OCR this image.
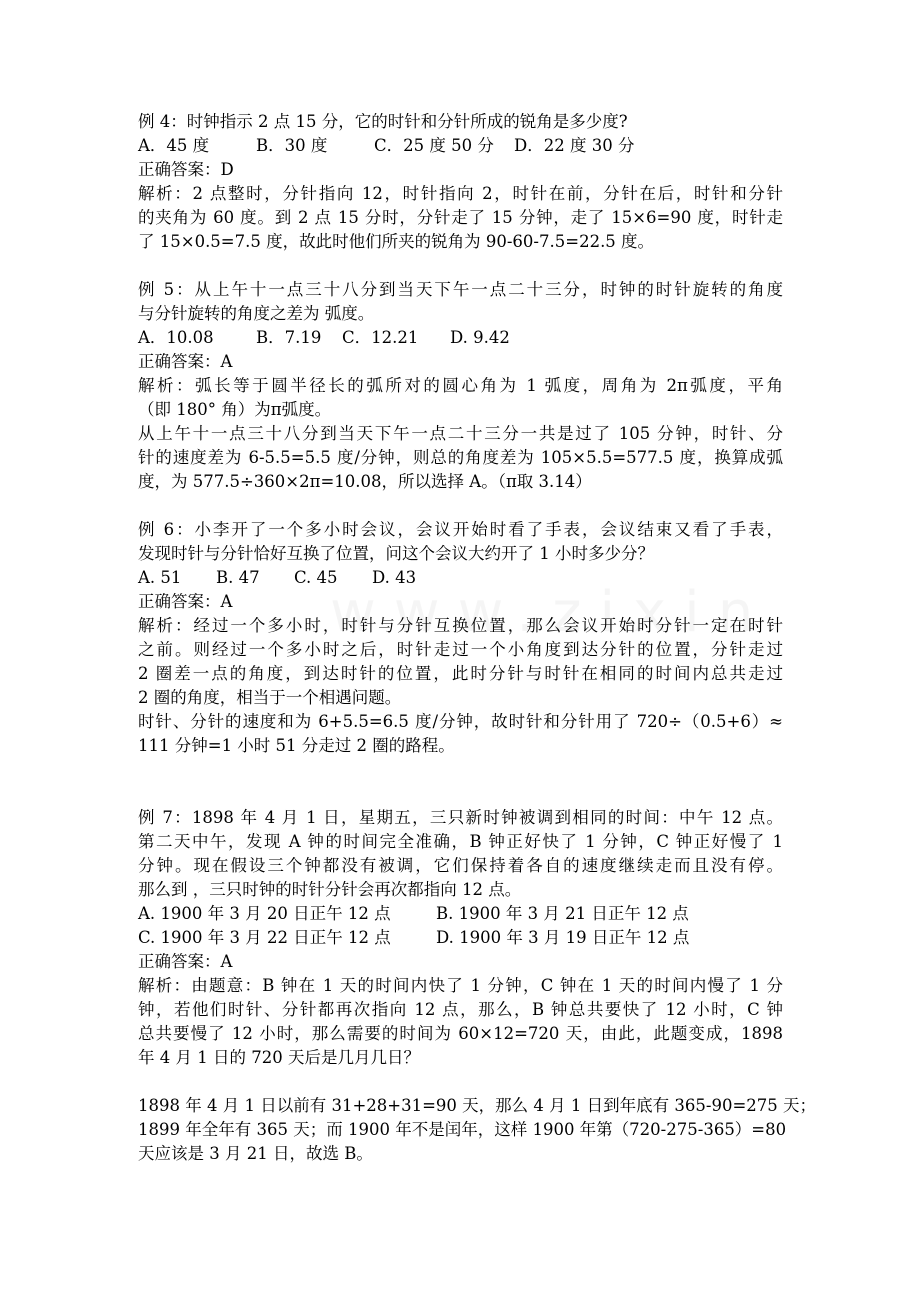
例 4：时钟指示 2 点 15 分，它的时针和分针所成的锐角是多少度?
A．45 度	B．30 度	C．25 度 50 分 D．22 度 30 分
正确答案：D
解析：2 点整时，分针指向 12，时针指向 2，时针在前，分针在后，时针和分针
的夹角为 60 度。到 2 点 15 分时，分针走了 15 分钟，走了 15×6=90 度，时针走
了 15×0.5=7.5 度，故此时他们所夹的锐角为 90-60-7.5=22.5 度。
例 5：从上午十一点三十八分到当天下午一点二十三分，时钟的时针旋转的角度
与分针旋转的角度之差为 弧度。
A．10.08	B．7.19 C．12.21 D. 9.42
正确答案：A
解析：弧长等于圆半径长的弧所对的圆心角为 1 弧度，周角为 2π弧度，平角
（即 180° 角）为π弧度。
从上午十一点三十八分到当天下午一点二十三分一共是过了 105 分钟，时针、分
针的速度差为 6-5.5=5.5 度/分钟，则总的角度差为 105×5.5=577.5 度，换算成弧
度，为 577.5÷360×2π=10.08，所以选择 A。（π取 3.14）
例 6：小李开了一个多小时会议，会议开始时看了手表，会议结束又看了手表，
发现时针与分针恰好互换了位置，问这个会议大约开了 1 小时多少分？
A. 51 B. 47 C. 45 D. 43
正确答案：A
解析：经过一个多小时，时针与分针互换位置，那么会议开始时分针一定在时针
之前。则经过一个多小时之后，时针走过一个小角度到达分针的位置，分针走过
2 圈差一点的角度，到达时针的位置，此时分针与时针在相同的时间内总共走过
2 圈的角度，相当于一个相遇问题。
时针、分针的速度和为 6+5.5=6.5 度/分钟，故时针和分针用了 720÷（0.5+6）≈
111 分钟=1 小时 51 分走过 2 圈的路程。
例 7：1898 年 4 月 1 日，星期五，三只新时钟被调到相同的时间：中午 12 点。
第二天中午，发现 A 钟的时间完全准确，B 钟正好快了 1 分钟，C 钟正好慢了 1
分钟。现在假设三个钟都没有被调，它们保持着各自的速度继续走而且没有停。
那么到 ，三只时钟的时针分针会再次都指向 12 点。
A. 1900 年 3 月 20 日正午 12 点	B. 1900 年 3 月 21 日正午 12 点
C. 1900 年 3 月 22 日正午 12 点	D. 1900 年 3 月 19 日正午 12 点
正确答案：A
解析：由题意：B 钟在 1 天的时间内快了 1 分钟，C 钟在 1 天的时间内慢了 1 分
钟，若他们时针、分针都再次指向 12 点，那么，B 钟总共要快了 12 小时，C 钟
总共要慢了 12 小时，那么需要的时间为 60×12=720 天，由此，此题变成，1898
年 4 月 1 日的 720 天后是几月几日？
1898 年 4 月 1 日以前有 31+28+31=90 天，那么 4 月 1 日到年底有 365-90=275 天；
1899 年全年有 365 天；而 1900 年不是闰年，这样 1900 年第（720-275-365）=80
天应该是 3 月 21 日，故选 B。
